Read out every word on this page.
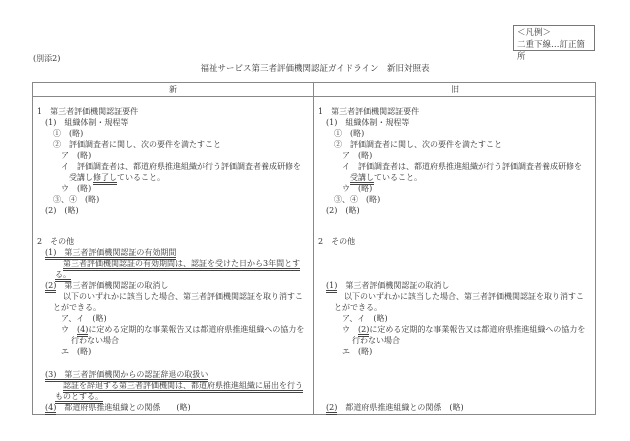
＜凡例＞
二重下線…訂正箇所
(別添2)
福祉サービス第三者評価機関認証ガイドライン　新旧対照表
新	旧
1　第三者評価機関認証要件
(1)　組織体制・規程等
①　(略)
②　評価調査者に関し、次の要件を満たすこと
ア　(略)
イ　評価調査者は、都道府県推進組織が行う評価調査者養成研修を
受講し修了していること。
ウ　(略)
③、④　(略)
(2)　(略)
2　その他
(1)　第三者評価機関認証の有効期間
第三者評価機関認証の有効期間は、認証を受けた日から3年間とす
る。
(2)　第三者評価機関認証の取消し
以下のいずれかに該当した場合、第三者評価機関認証を取り消すこ
とができる。
ア、イ　(略)
ウ　(4)に定める定期的な事業報告又は都道府県推進組織への協力を
行わない場合
エ　(略)
(3)　第三者評価機関からの認証辞退の取扱い
認証を辞退する第三者評価機関は、都道府県推進組織に届出を行う
ものとする。
(4)　都道府県推進組織との関係　　(略)
1　第三者評価機関認証要件
(1)　組織体制・規程等
①　(略)
②　評価調査者に関し、次の要件を満たすこと
ア　(略)
イ　評価調査者は、都道府県推進組織が行う評価調査者養成研修を
受講していること。
ウ　(略)
③、④　(略)
(2)　(略)
2　その他
(1)　第三者評価機関認証の取消し
以下のいずれかに該当した場合、第三者評価機関認証を取り消すこ
とができる。
ア、イ　(略)
ウ　(2)に定める定期的な事業報告又は都道府県推進組織への協力を
行わない場合
エ　(略)
(2)　都道府県推進組織との関係　(略)
